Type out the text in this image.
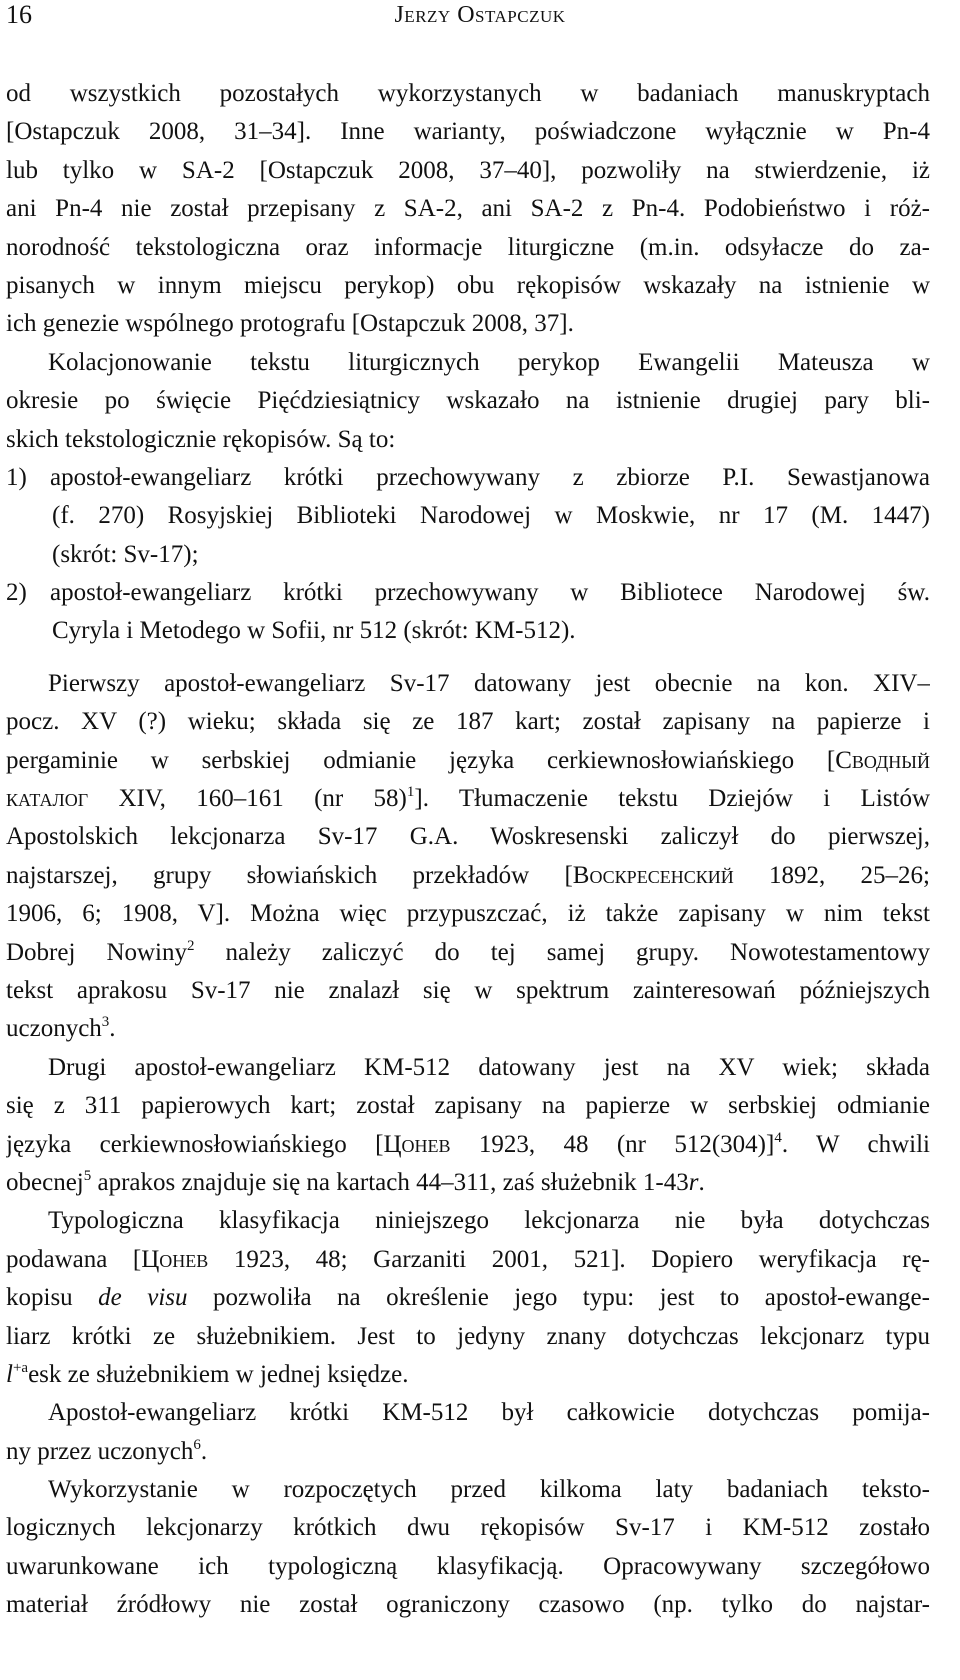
16	Jerzy Ostapczuk
od wszystkich pozostałych wykorzystanych w badaniach manuskryptach
[Ostapczuk 2008, 31–34]. Inne warianty, poświadczone wyłącznie w Pn-4
lub tylko w SA-2 [Ostapczuk 2008, 37–40], pozwoliły na stwierdzenie, iż
ani Pn-4 nie został przepisany z SA-2, ani SA-2 z Pn-4. Podobieństwo i róż-
norodność tekstologiczna oraz informacje liturgiczne (m.in. odsyłacze do za-
pisanych w innym miejscu perykop) obu rękopisów wskazały na istnienie w
ich genezie wspólnego protografu [Ostapczuk 2008, 37].
Kolacjonowanie tekstu liturgicznych perykop Ewangelii Mateusza w
okresie po święcie Pięćdziesiątnicy wskazało na istnienie drugiej pary bli-
skich tekstologicznie rękopisów. Są to:
1) apostoł-ewangeliarz krótki przechowywany z zbiorze P.I. Sewastjanowa
(f. 270) Rosyjskiej Biblioteki Narodowej w Moskwie, nr 17 (M. 1447)
(skrót: Sv-17);
2) apostoł-ewangeliarz krótki przechowywany w Bibliotece Narodowej św.
Cyryla i Metodego w Sofii, nr 512 (skrót: KM-512).
Pierwszy apostoł-ewangeliarz Sv-17 datowany jest obecnie na kon. XIV–
pocz. XV (?) wieku; składa się ze 187 kart; został zapisany na papierze i
pergaminie w serbskiej odmianie języka cerkiewnosłowiańskiego [Сводный
каталог XIV, 160–161 (nr 58)$^1$]. Tłumaczenie tekstu Dziejów i Listów
Apostolskich lekcjonarza Sv-17 G.A. Woskresenski zaliczył do pierwszej,
najstarszej, grupy słowiańskich przekładów [Воскресенский 1892, 25–26;
1906, 6; 1908, V]. Można więc przypuszczać, iż także zapisany w nim tekst
Dobrej Nowiny$^2$ należy zaliczyć do tej samej grupy. Nowotestamentowy
tekst aprakosu Sv-17 nie znalazł się w spektrum zainteresowań późniejszych
uczonych$^3$.
Drugi apostoł-ewangeliarz KM-512 datowany jest na XV wiek; składa
się z 311 papierowych kart; został zapisany na papierze w serbskiej odmianie
języka cerkiewnosłowiańskiego [Цонев 1923, 48 (nr 512(304)]$^4$. W chwili
obecnej$^5$ aprakos znajduje się na kartach 44–311, zaś służebnik 1-43r.
Typologiczna klasyfikacja niniejszego lekcjonarza nie była dotychczas
podawana [Цонев 1923, 48; Garzaniti 2001, 521]. Dopiero weryfikacja rę-
kopisu de visu pozwoliła na określenie jego typu: jest to apostoł-ewange-
liarz krótki ze służebnikiem. Jest to jedyny znany dotychczas lekcjonarz typu
$l^{+a}esk$ ze służebnikiem w jednej księdze.
Apostoł-ewangeliarz krótki KM-512 był całkowicie dotychczas pomija-
ny przez uczonych$^6$.
Wykorzystanie w rozpoczętych przed kilkoma laty badaniach teksto-
logicznych lekcjonarzy krótkich dwu rękopisów Sv-17 i KM-512 zostało
uwarunkowane ich typologiczną klasyfikacją. Opracowywany szczegółowo
materiał źródłowy nie został ograniczony czasowo (np. tylko do najstar-
